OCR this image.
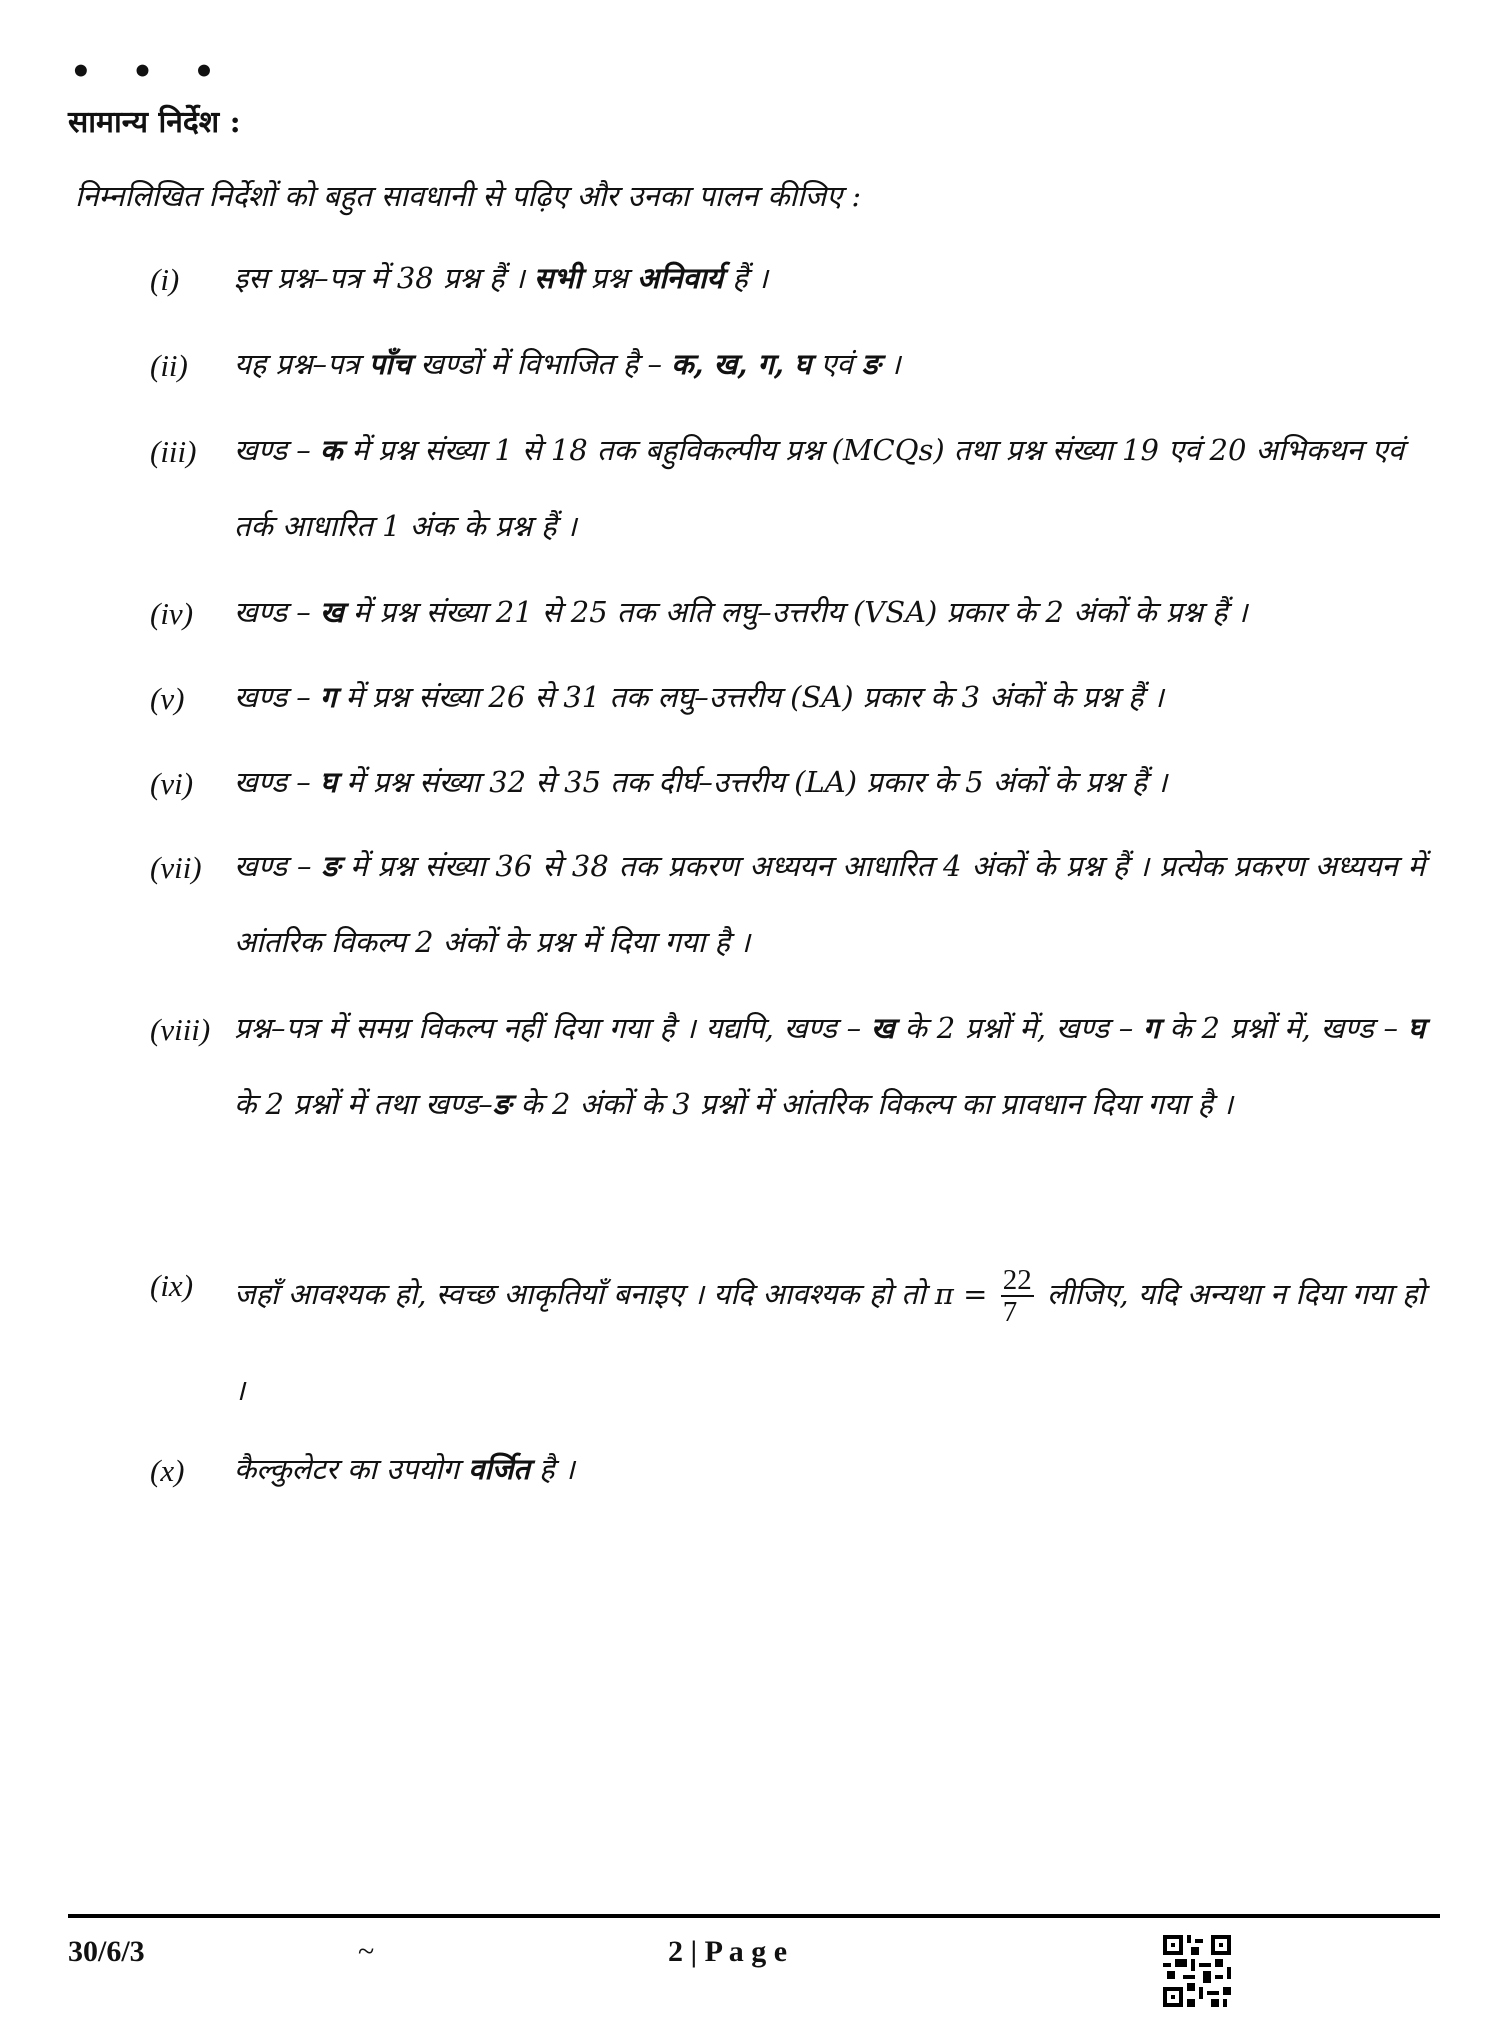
• • •
सामान्य निर्देश :
निम्नलिखित निर्देशों को बहुत सावधानी से पढ़िए और उनका पालन कीजिए :
(i) इस प्रश्न–पत्र में 38 प्रश्न हैं । सभी प्रश्न अनिवार्य हैं ।
(ii) यह प्रश्न–पत्र पाँच खण्डों में विभाजित है – क, ख, ग, घ एवं ङ ।
(iii) खण्ड – क में प्रश्न संख्या 1 से 18 तक बहुविकल्पीय प्रश्न (MCQs) तथा प्रश्न संख्या 19 एवं 20 अभिकथन एवं तर्क आधारित 1 अंक के प्रश्न हैं ।
(iv) खण्ड – ख में प्रश्न संख्या 21 से 25 तक अति लघु–उत्तरीय (VSA) प्रकार के 2 अंकों के प्रश्न हैं ।
(v) खण्ड – ग में प्रश्न संख्या 26 से 31 तक लघु–उत्तरीय (SA) प्रकार के 3 अंकों के प्रश्न हैं ।
(vi) खण्ड – घ में प्रश्न संख्या 32 से 35 तक दीर्घ–उत्तरीय (LA) प्रकार के 5 अंकों के प्रश्न हैं ।
(vii) खण्ड – ङ में प्रश्न संख्या 36 से 38 तक प्रकरण अध्ययन आधारित 4 अंकों के प्रश्न हैं । प्रत्येक प्रकरण अध्ययन में आंतरिक विकल्प 2 अंकों के प्रश्न में दिया गया है ।
(viii) प्रश्न–पत्र में समग्र विकल्प नहीं दिया गया है । यद्यपि, खण्ड – ख के 2 प्रश्नों में, खण्ड – ग के 2 प्रश्नों में, खण्ड – घ के 2 प्रश्नों में तथा खण्ड–ङ के 2 अंकों के 3 प्रश्नों में आंतरिक विकल्प का प्रावधान दिया गया है ।
(ix) जहाँ आवश्यक हो, स्वच्छ आकृतियाँ बनाइए । यदि आवश्यक हो तो $\pi = \frac{22}{7}$ लीजिए, यदि अन्यथा न दिया गया हो ।
(x) कैल्कुलेटर का उपयोग वर्जित है ।
30/6/3	~	2 | P a g e
